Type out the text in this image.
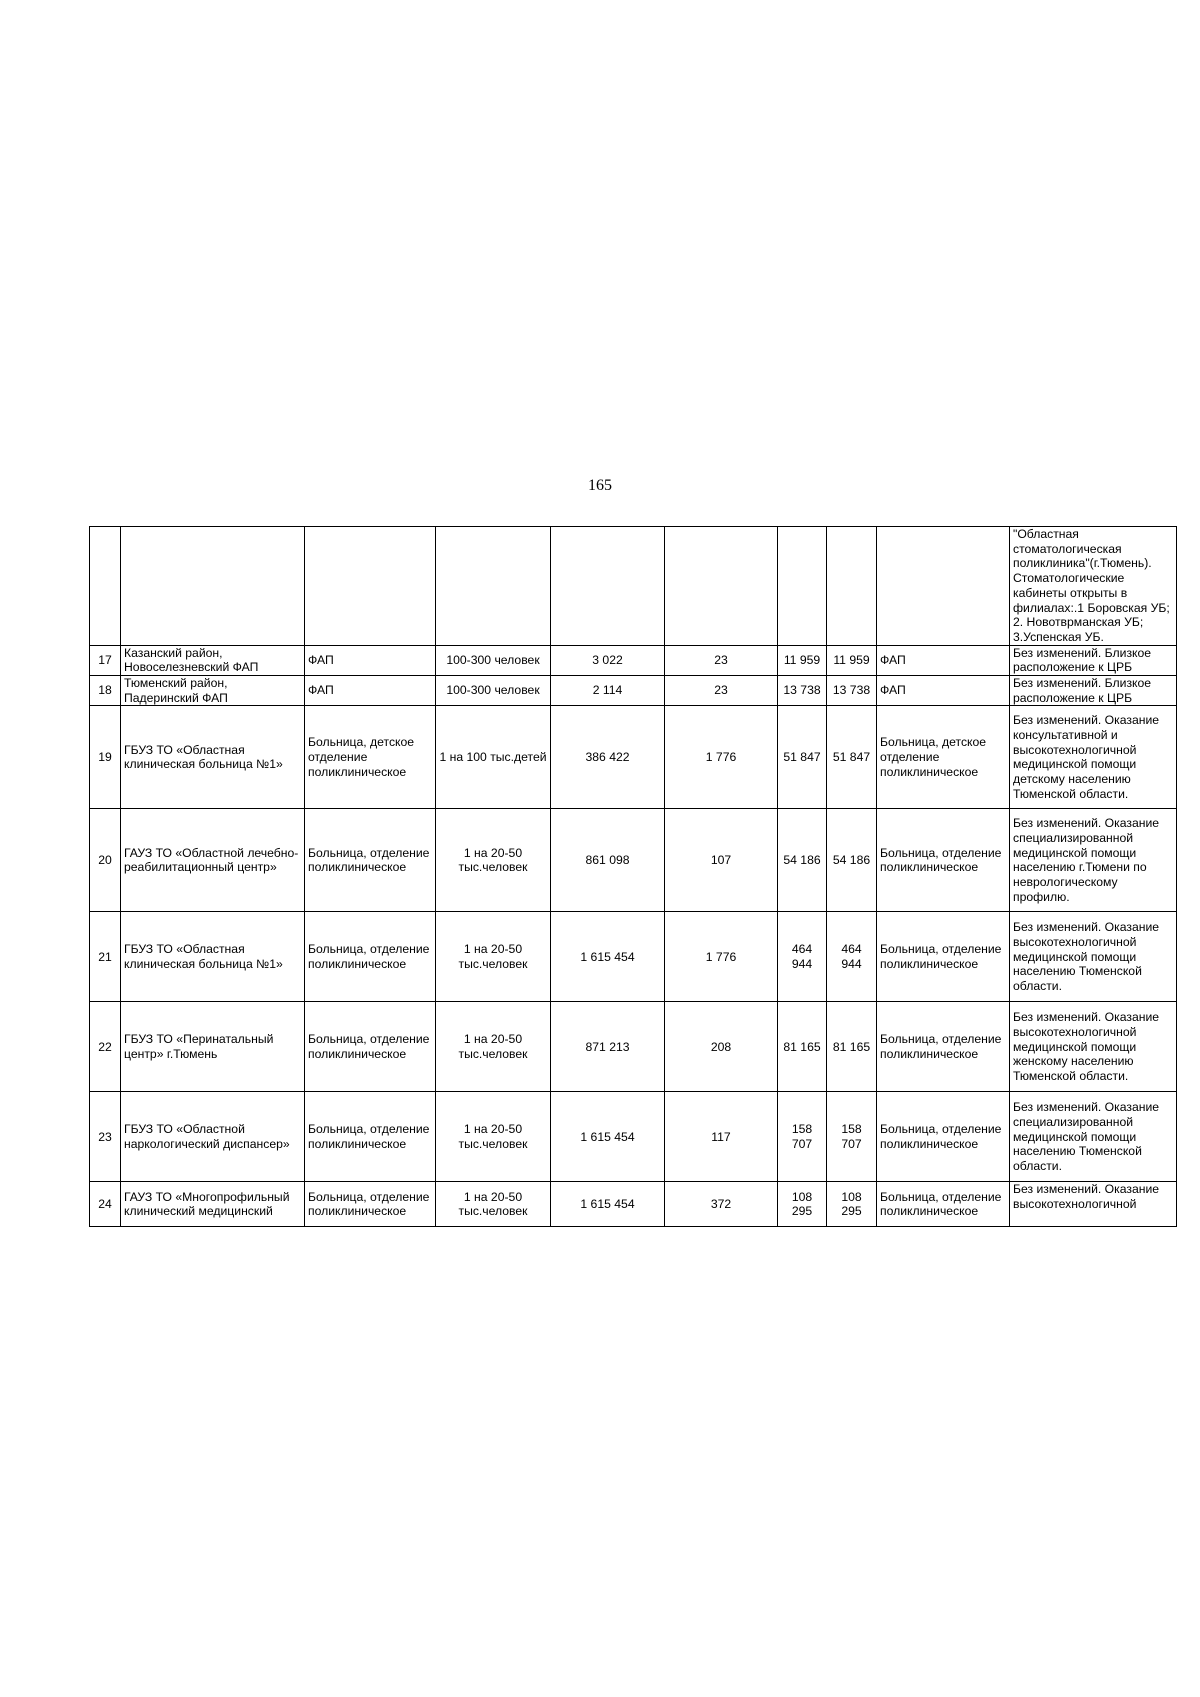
165
									"Областная стоматологическая поликлиника"(г.Тюмень). Стоматологические кабинеты открыты в филиалах:.1 Боровская УБ; 2. Новотврманская УБ; 3.Успенская УБ.
17	Казанский район, Новоселезневский ФАП	ФАП	100-300 человек	3 022	23	11 959	11 959	ФАП	Без изменений. Близкое расположение к ЦРБ
18	Тюменский район, Падеринский ФАП	ФАП	100-300 человек	2 114	23	13 738	13 738	ФАП	Без изменений. Близкое расположение к ЦРБ
19	ГБУЗ ТО «Областная клиническая больница №1»	Больница, детское отделение поликлиническое	1 на 100 тыс.детей	386 422	1 776	51 847	51 847	Больница, детское отделение поликлиническое	Без изменений. Оказание консультативной и высокотехнологичной медицинской помощи детскому населению Тюменской области.
20	ГАУЗ ТО «Областной лечебно-реабилитационный центр»	Больница, отделение поликлиническое	1 на 20-50 тыс.человек	861 098	107	54 186	54 186	Больница, отделение поликлиническое	Без изменений. Оказание специализированной медицинской помощи населению г.Тюмени по неврологическому профилю.
21	ГБУЗ ТО «Областная клиническая больница №1»	Больница, отделение поликлиническое	1 на 20-50 тыс.человек	1 615 454	1 776	464 944	464 944	Больница, отделение поликлиническое	Без изменений. Оказание высокотехнологичной медицинской помощи населению Тюменской области.
22	ГБУЗ ТО «Перинатальный центр» г.Тюмень	Больница, отделение поликлиническое	1 на 20-50 тыс.человек	871 213	208	81 165	81 165	Больница, отделение поликлиническое	Без изменений. Оказание высокотехнологичной медицинской помощи женскому населению Тюменской области.
23	ГБУЗ ТО «Областной наркологический диспансер»	Больница, отделение поликлиническое	1 на 20-50 тыс.человек	1 615 454	117	158 707	158 707	Больница, отделение поликлиническое	Без изменений. Оказание специализированной медицинской помощи населению Тюменской области.
24	ГАУЗ ТО «Многопрофильный клинический медицинский	Больница, отделение поликлиническое	1 на 20-50 тыс.человек	1 615 454	372	108 295	108 295	Больница, отделение поликлиническое	Без изменений. Оказание высокотехнологичной
